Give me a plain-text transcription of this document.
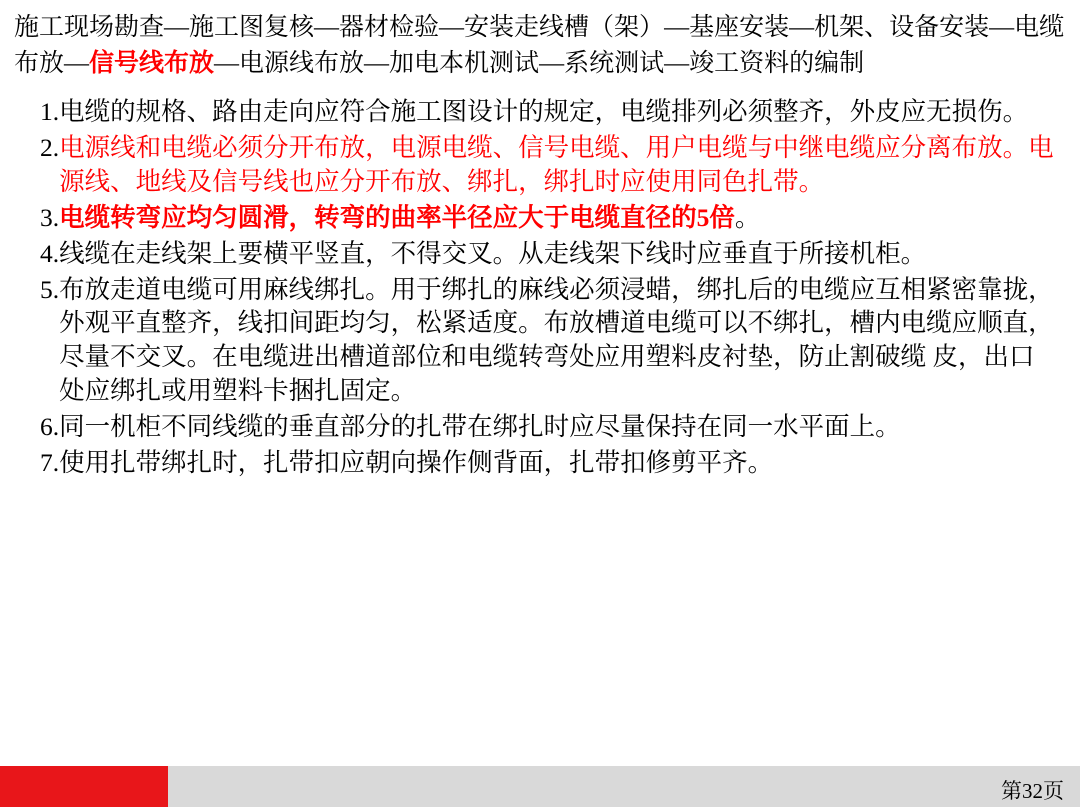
施工现场勘查—施工图复核—器材检验—安装走线槽（架）—基座安装—机架、设备安装—电缆布放—信号线布放—电源线布放—加电本机测试—系统测试—竣工资料的编制
1. 电缆的规格、路由走向应符合施工图设计的规定，电缆排列必须整齐，外皮应无损伤。
2. 电源线和电缆必须分开布放，电源电缆、信号电缆、用户电缆与中继电缆应分离布放。电源线、地线及信号线也应分开布放、绑扎，绑扎时应使用同色扎带。
3. 电缆转弯应均匀圆滑，转弯的曲率半径应大于电缆直径的5倍。
4. 线缆在走线架上要横平竖直，不得交叉。从走线架下线时应垂直于所接机柜。
5. 布放走道电缆可用麻线绑扎。用于绑扎的麻线必须浸蜡，绑扎后的电缆应互相紧密靠拢，外观平直整齐，线扣间距均匀，松紧适度。布放槽道电缆可以不绑扎，槽内电缆应顺直，尽量不交叉。在电缆进出槽道部位和电缆转弯处应用塑料皮衬垫，防止割破缆 皮，出口处应绑扎或用塑料卡捆扎固定。
6. 同一机柜不同线缆的垂直部分的扎带在绑扎时应尽量保持在同一水平面上。
7. 使用扎带绑扎时，扎带扣应朝向操作侧背面，扎带扣修剪平齐。
第32页
